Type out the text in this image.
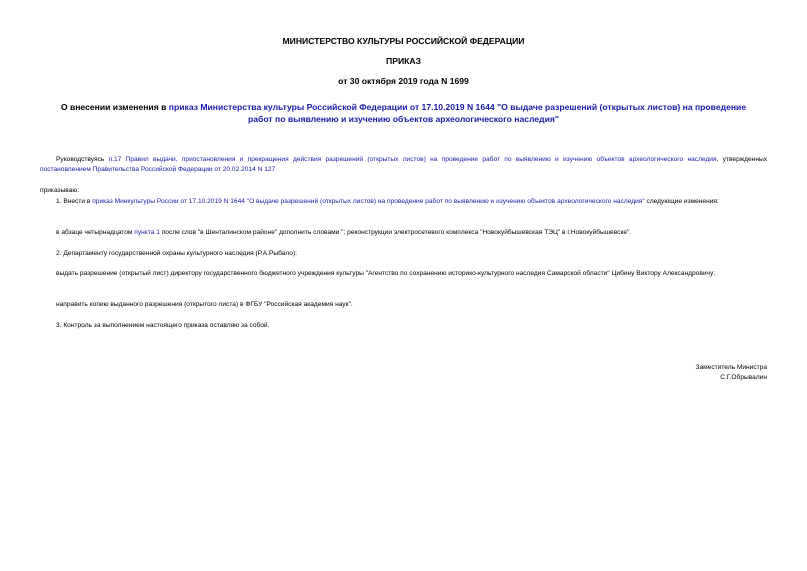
МИНИСТЕРСТВО КУЛЬТУРЫ РОССИЙСКОЙ ФЕДЕРАЦИИ
ПРИКАЗ
от 30 октября 2019 года N 1699
О внесении изменения в приказ Министерства культуры Российской Федерации от 17.10.2019 N 1644 "О выдаче разрешений (открытых листов) на проведение работ по выявлению и изучению объектов археологического наследия"
Руководствуясь п.17 Правил выдачи, приостановления и прекращения действия разрешений (открытых листов) на проведение работ по выявлению и изучению объектов археологического наследия, утвержденных постановлением Правительства Российской Федерации от 20.02.2014 N 127
приказываю:
1. Внести в приказ Минкультуры России от 17.10.2019 N 1644 "О выдаче разрешений (открытых листов) на проведение работ по выявлению и изучению объектов археологического наследия" следующие изменения:
в абзаце четырнадцатом пункта 1 после слов "в Шенталинском районе" дополнить словами "; реконструкции электросетевого комплекса "Новокуйбышевская ТЭЦ" в г.Новокуйбышевске".
2. Департаменту государственной охраны культурного наследия (Р.А.Рыбало):
выдать разрешение (открытый лист) директору государственного бюджетного учреждения культуры "Агентство по сохранению историко-культурного наследия Самарской области" Цибину Виктору Александровичу;
направить копию выданного разрешения (открытого листа) в ФГБУ "Российская академия наук".
3. Контроль за выполнением настоящего приказа оставляю за собой.
Заместитель Министра
С.Г.Обрывалин
